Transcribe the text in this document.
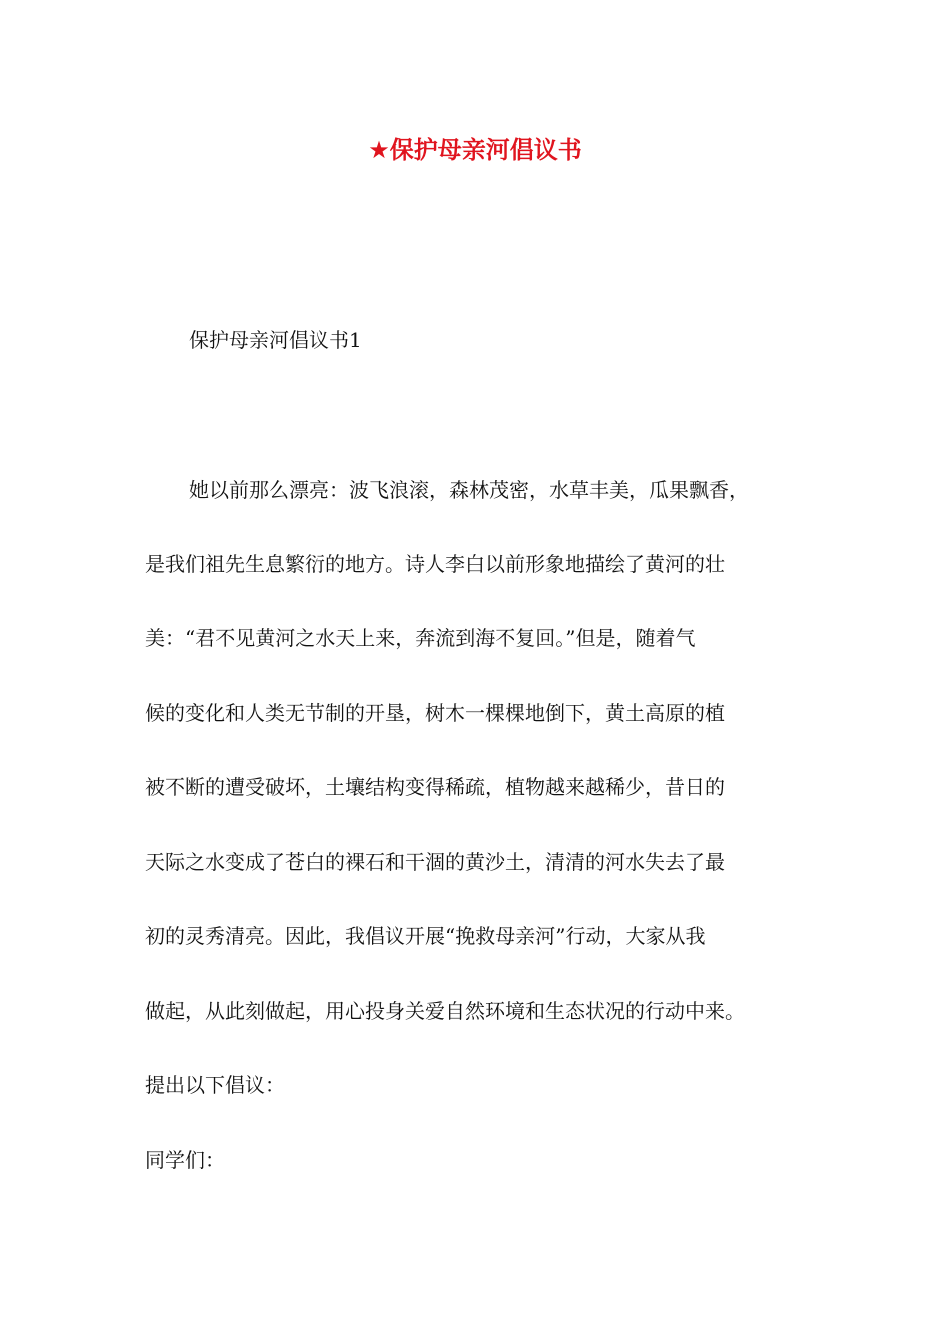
★保护母亲河倡议书
保护母亲河倡议书1
她以前那么漂亮：波飞浪滚，森林茂密，水草丰美，瓜果飘香，
是我们祖先生息繁衍的地方。诗人李白以前形象地描绘了黄河的壮
美：“君不见黄河之水天上来，奔流到海不复回。”但是，随着气
候的变化和人类无节制的开垦，树木一棵棵地倒下，黄土高原的植
被不断的遭受破坏，土壤结构变得稀疏，植物越来越稀少，昔日的
天际之水变成了苍白的裸石和干涸的黄沙土，清清的河水失去了最
初的灵秀清亮。因此，我倡议开展“挽救母亲河”行动，大家从我
做起，从此刻做起，用心投身关爱自然环境和生态状况的行动中来。
提出以下倡议：
同学们：
